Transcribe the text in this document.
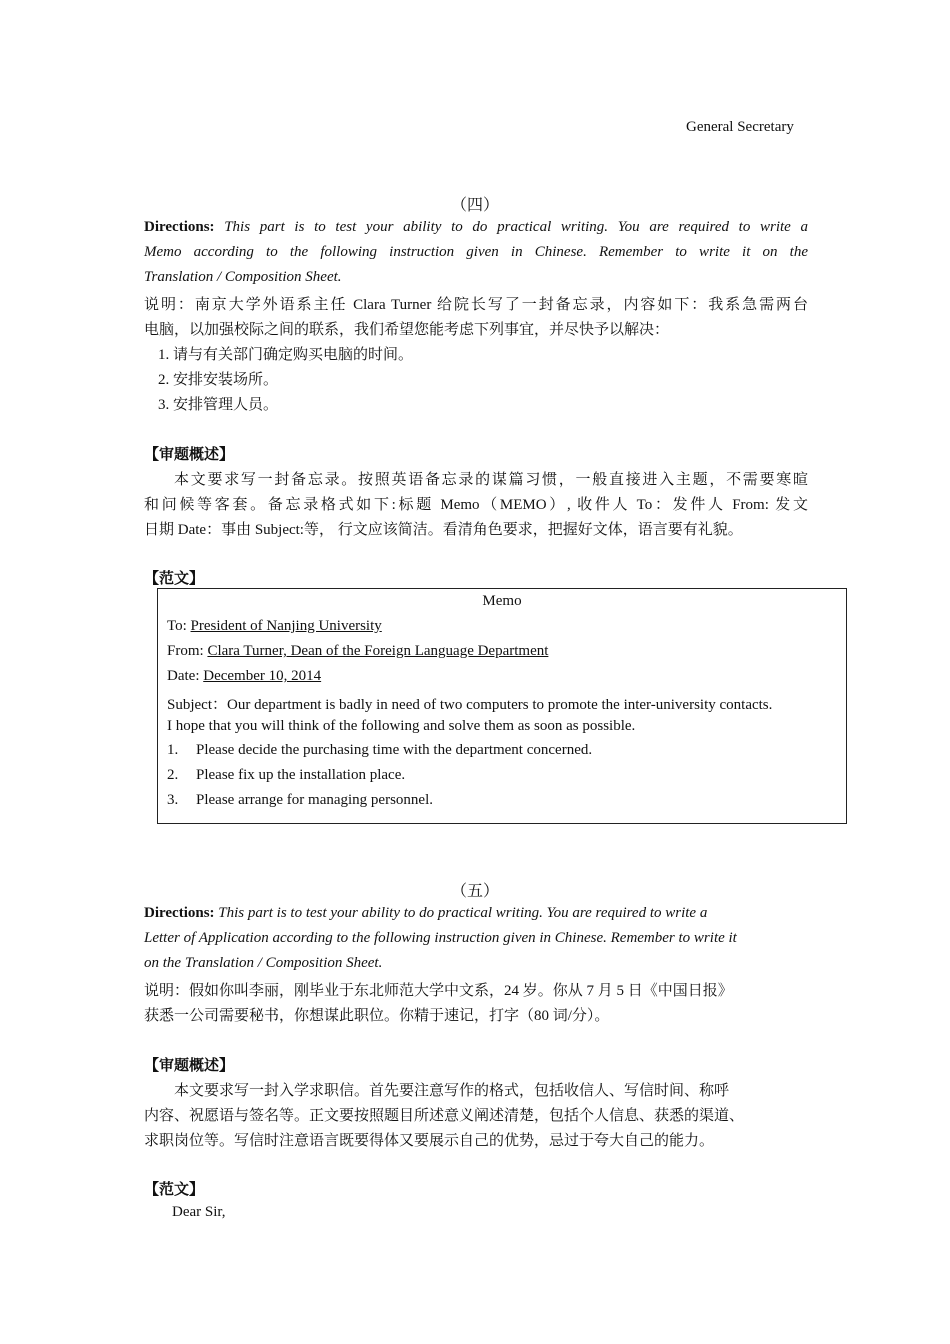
General Secretary
（四）
Directions: This part is to test your ability to do practical writing. You are required to write a
Memo according to the following instruction given in Chinese. Remember to write it on the
Translation / Composition Sheet.
说明：南京大学外语系主任 Clara Turner 给院长写了一封备忘录，内容如下：我系急需两台
电脑，以加强校际之间的联系，我们希望您能考虑下列事宜，并尽快予以解决：
1. 请与有关部门确定购买电脑的时间。
2. 安排安装场所。
3. 安排管理人员。
【审题概述】
本文要求写一封备忘录。按照英语备忘录的谋篇习惯，一般直接进入主题，不需要寒暄
和问候等客套。备忘录格式如下:标题 Memo（MEMO）, 收件人 To：发件人 From: 发文
日期 Date：事由 Subject:等， 行文应该简洁。看清角色要求，把握好文体，语言要有礼貌。
【范文】
Memo
To: President of Nanjing University
From: Clara Turner, Dean of the Foreign Language Department
Date: December 10, 2014
Subject：Our department is badly in need of two computers to promote the inter-university contacts.
I hope that you will think of the following and solve them as soon as possible.
1. Please decide the purchasing time with the department concerned.
2. Please fix up the installation place.
3. Please arrange for managing personnel.
（五）
Directions: This part is to test your ability to do practical writing. You are required to write a
Letter of Application according to the following instruction given in Chinese. Remember to write it
on the Translation / Composition Sheet.
说明：假如你叫李丽，刚毕业于东北师范大学中文系，24 岁。你从 7 月 5 日《中国日报》
获悉一公司需要秘书，你想谋此职位。你精于速记，打字（80 词/分）。
【审题概述】
本文要求写一封入学求职信。首先要注意写作的格式，包括收信人、写信时间、称呼
内容、祝愿语与签名等。正文要按照题目所述意义阐述清楚，包括个人信息、获悉的渠道、
求职岗位等。写信时注意语言既要得体又要展示自己的优势，忌过于夸大自己的能力。
【范文】
Dear Sir,
